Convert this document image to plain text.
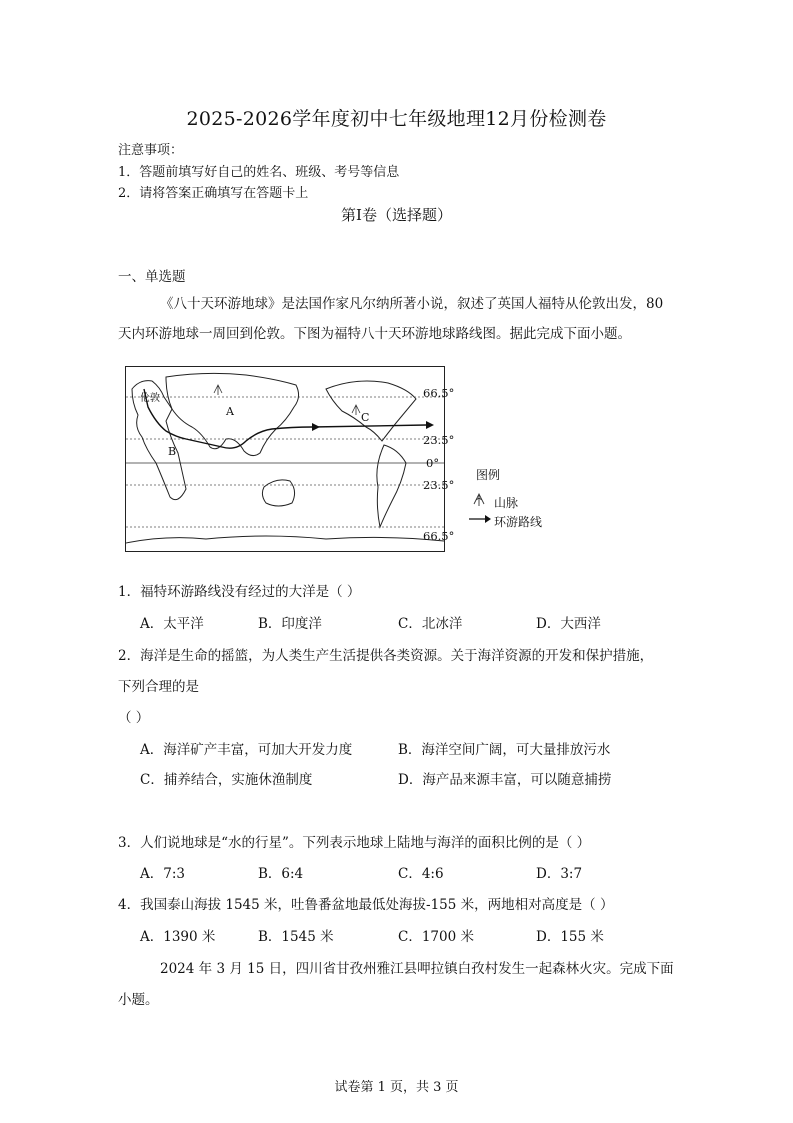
2025-2026学年度初中七年级地理12月份检测卷
注意事项：
1．答题前填写好自己的姓名、班级、考号等信息
2．请将答案正确填写在答题卡上
第I卷（选择题）
一、单选题
《八十天环游地球》是法国作家凡尔纳所著小说，叙述了英国人福特从伦敦出发，80
天内环游地球一周回到伦敦。下图为福特八十天环游地球路线图。据此完成下面小题。
伦敦
A
B
C
66.5°
23.5°
0°
23.5°
66.5°
图例
山脉
环游路线
1．福特环游路线没有经过的大洋是（ ）
A．太平洋	B．印度洋	C．北冰洋	D．大西洋
2．海洋是生命的摇篮，为人类生产生活提供各类资源。关于海洋资源的开发和保护措施，
下列合理的是
（ ）
A．海洋矿产丰富，可加大开发力度	B．海洋空间广阔，可大量排放污水
C．捕养结合，实施休渔制度	D．海产品来源丰富，可以随意捕捞
3．人们说地球是“水的行星”。下列表示地球上陆地与海洋的面积比例的是（ ）
A．7:3	B．6:4	C．4:6	D．3:7
4．我国泰山海拔 1545 米，吐鲁番盆地最低处海拔-155 米，两地相对高度是（ ）
A．1390 米	B．1545 米	C．1700 米	D．155 米
2024 年 3 月 15 日，四川省甘孜州雅江县呷拉镇白孜村发生一起森林火灾。完成下面
小题。
试卷第 1 页，共 3 页
